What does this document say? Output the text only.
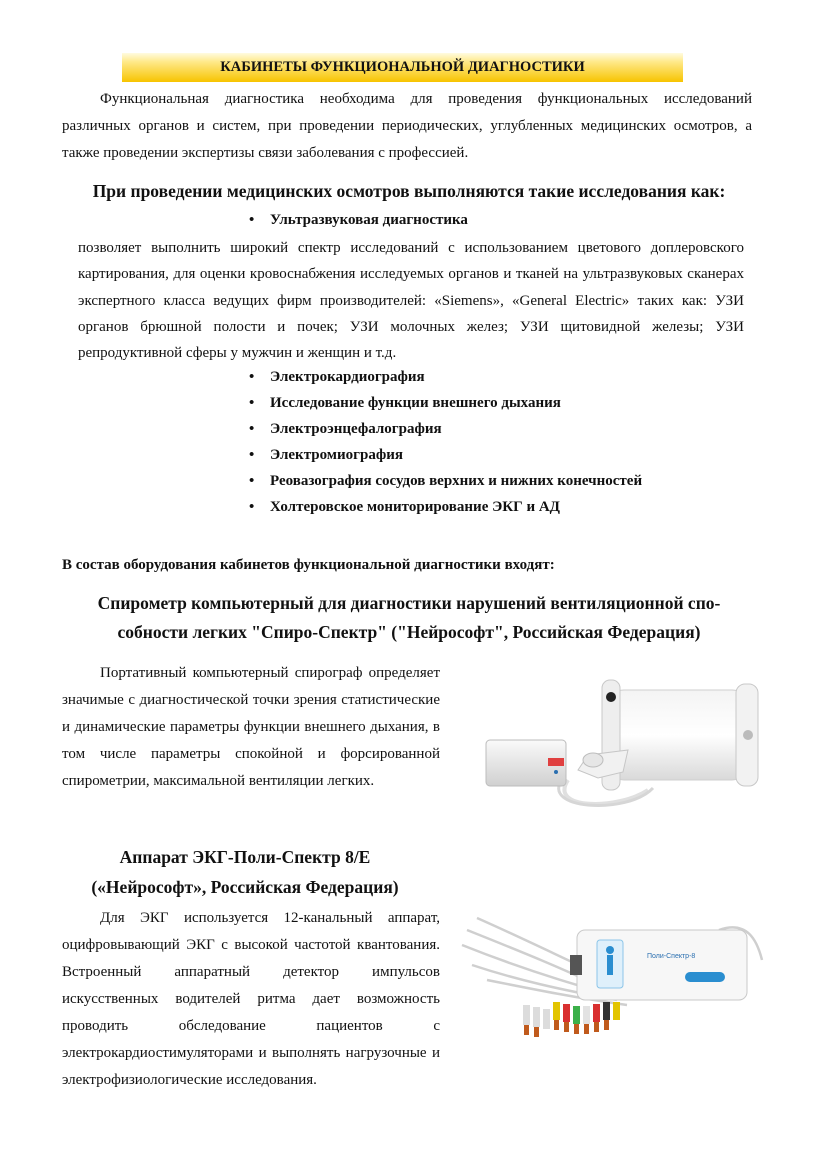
КАБИНЕТЫ ФУНКЦИОНАЛЬНОЙ ДИАГНОСТИКИ

Функциональная диагностика необходима для проведения функциональных исследований различных органов и систем, при проведении периодических, углубленных медицинских осмотров, а также проведении экспертизы связи заболевания с профессией.

При проведении медицинских осмотров выполняются такие исследования как:
• Ультразвуковая диагностика

позволяет выполнить широкий спектр исследований с использованием цветового доплеровского картирования, для оценки кровоснабжения исследуемых органов и тканей на ультразвуковых сканерах экспертного класса ведущих фирм производителей: «Siemens», «General Electric» таких как: УЗИ органов брюшной полости и почек; УЗИ молочных желез; УЗИ щитовидной железы; УЗИ репродуктивной сферы у мужчин и женщин и т.д.

• Электрокардиография
• Исследование функции внешнего дыхания
• Электроэнцефалография
• Электромиография
• Реовазография сосудов верхних и нижних конечностей
• Холтеровское мониторирование ЭКГ и АД
В состав оборудования кабинетов функциональной диагностики входят:
Спирометр компьютерный для диагностики нарушений вентиляционной спо-
собности легких "Спиро-Спектр" ("Нейрософт", Российская Федерация)

Портативный компьютерный спирограф определяет значимые с диагностической точки зрения статистические и динамические параметры функции внешнего дыхания, в том числе параметры спокойной и форсированной спирометрии, максимальной вентиляции легких.

Аппарат ЭКГ-Поли-Спектр 8/Е
(«Нейрософт», Российская Федерация)

Для ЭКГ используется 12-канальный аппарат, оцифровывающий ЭКГ с высокой частотой квантования. Встроенный аппаратный детектор импульсов искусственных водителей ритма дает возможность проводить обследование пациентов с электрокардиостимуляторами и выполнять нагрузочные и электрофизиологические исследования.

Поли-Спектр-8
